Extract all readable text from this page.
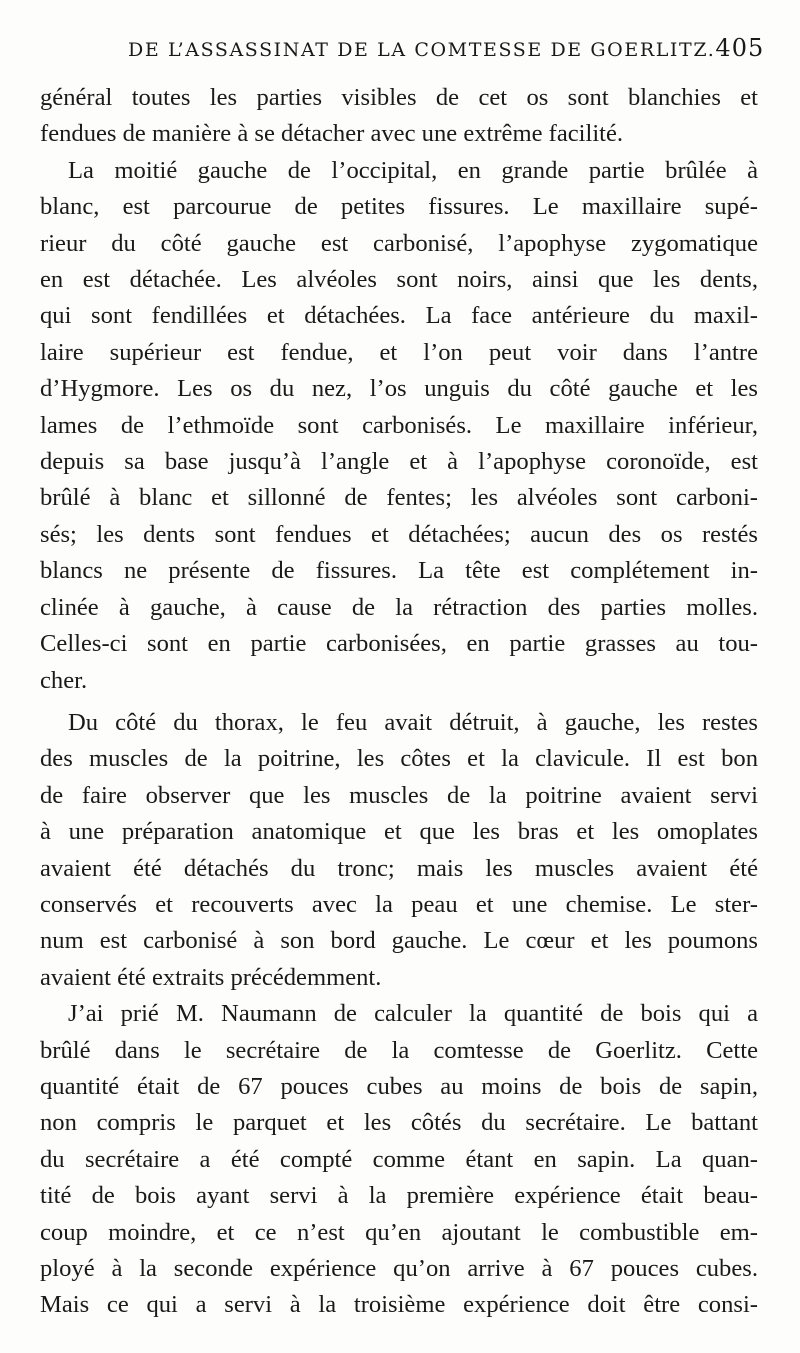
DE L’ASSASSINAT DE LA COMTESSE DE GOERLITZ. 405

général toutes les parties visibles de cet os sont blanchies et
fendues de manière à se détacher avec une extrême facilité.

La moitié gauche de l’occipital, en grande partie brûlée à
blanc, est parcourue de petites fissures. Le maxillaire supé-
rieur du côté gauche est carbonisé, l’apophyse zygomatique
en est détachée. Les alvéoles sont noirs, ainsi que les dents,
qui sont fendillées et détachées. La face antérieure du maxil-
laire supérieur est fendue, et l’on peut voir dans l’antre
d’Hygmore. Les os du nez, l’os unguis du côté gauche et les
lames de l’ethmoïde sont carbonisés. Le maxillaire inférieur,
depuis sa base jusqu’à l’angle et à l’apophyse coronoïde, est
brûlé à blanc et sillonné de fentes; les alvéoles sont carboni-
sés; les dents sont fendues et détachées; aucun des os restés
blancs ne présente de fissures. La tête est complétement in-
clinée à gauche, à cause de la rétraction des parties molles.
Celles-ci sont en partie carbonisées, en partie grasses au tou-
cher.

Du côté du thorax, le feu avait détruit, à gauche, les restes
des muscles de la poitrine, les côtes et la clavicule. Il est bon
de faire observer que les muscles de la poitrine avaient servi
à une préparation anatomique et que les bras et les omoplates
avaient été détachés du tronc; mais les muscles avaient été
conservés et recouverts avec la peau et une chemise. Le ster-
num est carbonisé à son bord gauche. Le cœur et les poumons
avaient été extraits précédemment.

J’ai prié M. Naumann de calculer la quantité de bois qui a
brûlé dans le secrétaire de la comtesse de Goerlitz. Cette
quantité était de 67 pouces cubes au moins de bois de sapin,
non compris le parquet et les côtés du secrétaire. Le battant
du secrétaire a été compté comme étant en sapin. La quan-
tité de bois ayant servi à la première expérience était beau-
coup moindre, et ce n’est qu’en ajoutant le combustible em-
ployé à la seconde expérience qu’on arrive à 67 pouces cubes.
Mais ce qui a servi à la troisième expérience doit être consi-
